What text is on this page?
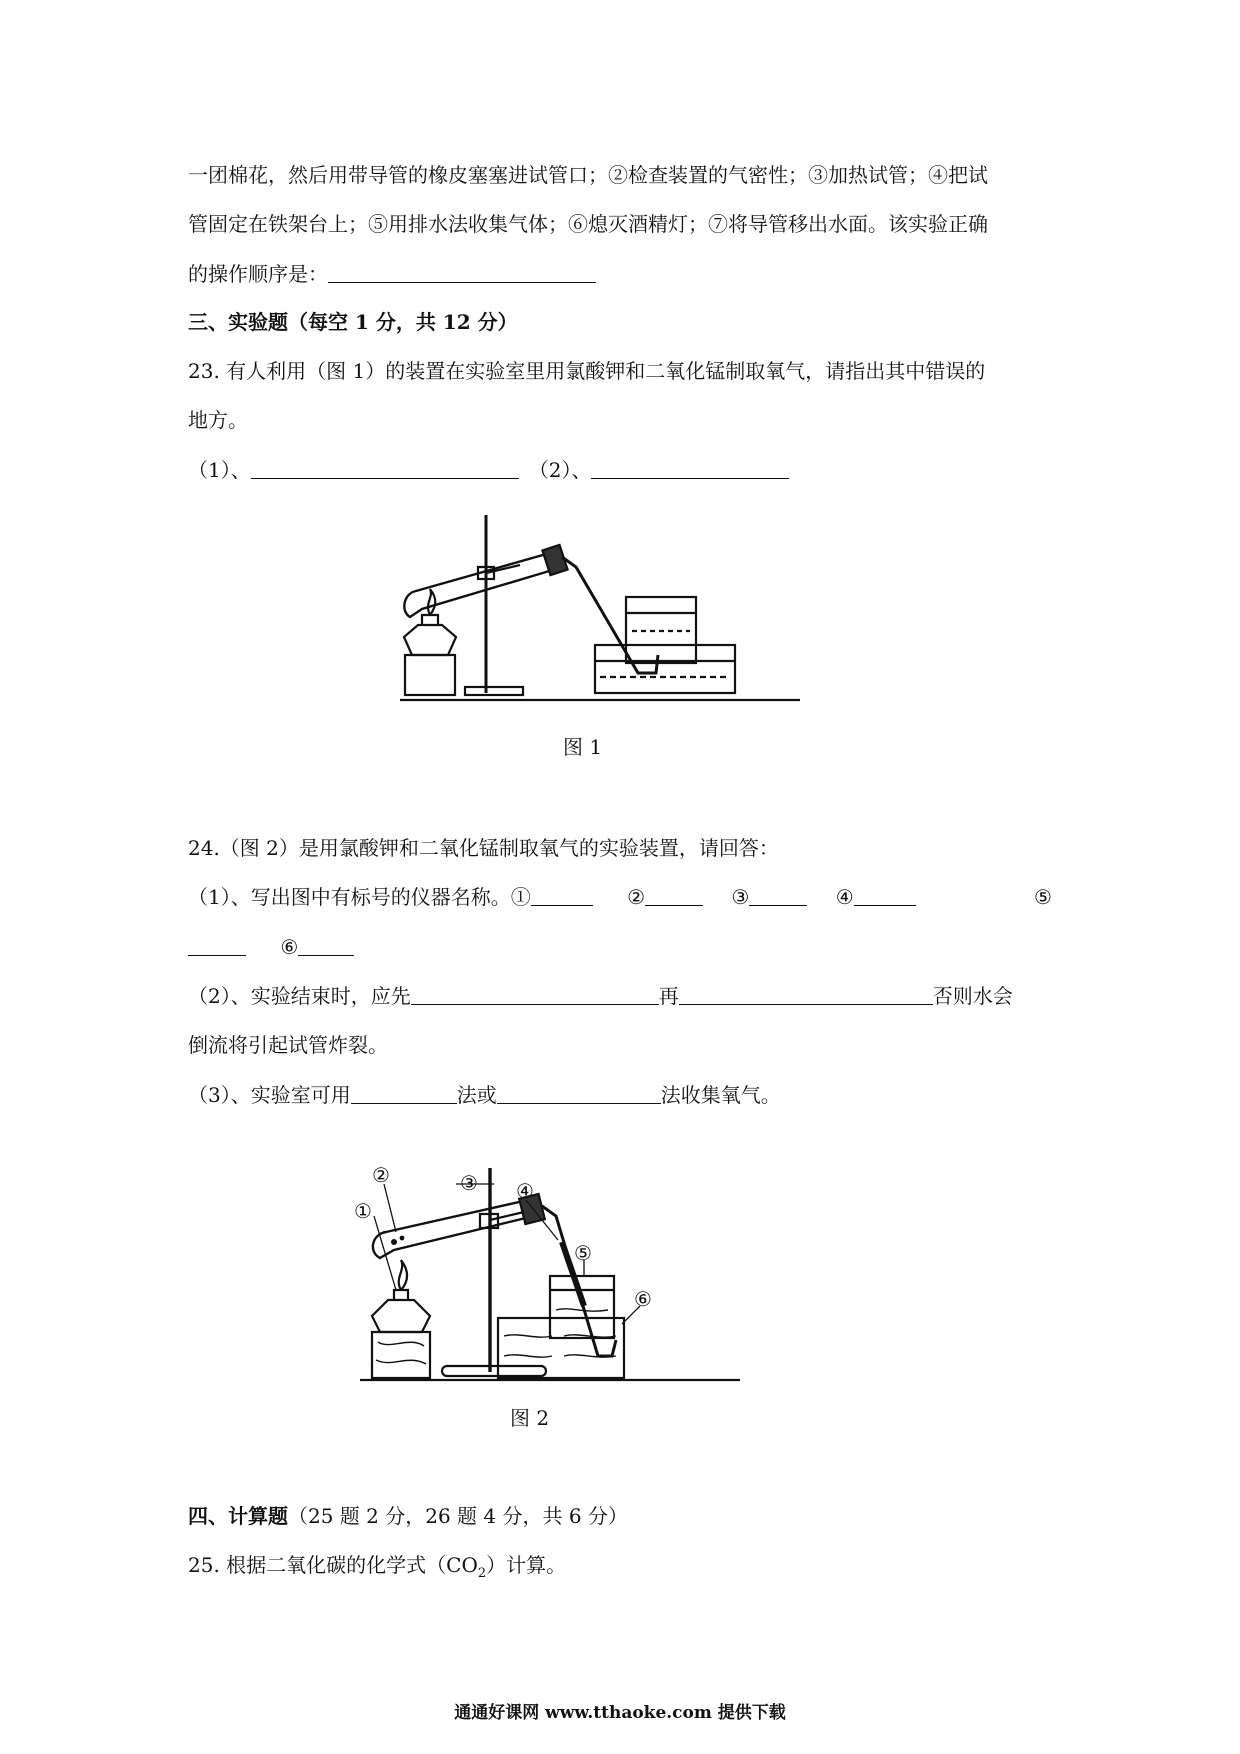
一团棉花，然后用带导管的橡皮塞塞进试管口；②检查装置的气密性；③加热试管；④把试
管固定在铁架台上；⑤用排水法收集气体；⑥熄灭酒精灯；⑦将导管移出水面。该实验正确
的操作顺序是：
三、实验题（每空 1 分，共 12 分）
23. 有人利用（图 1）的装置在实验室里用氯酸钾和二氧化锰制取氧气，请指出其中错误的
地方。
（1）、	（2）、
图 1
24.（图 2）是用氯酸钾和二氧化锰制取氧气的实验装置，请回答：
（1）、写出图中有标号的仪器名称。①	②	③	④	⑤
⑥
（2）、实验结束时，应先	再	否则水会
倒流将引起试管炸裂。
（3）、实验室可用	法或	法收集氧气。
①
②	③ ④
⑤
⑥
图 2
四、计算题（25 题 2 分，26 题 4 分，共 6 分）
25. 根据二氧化碳的化学式$(CO_2)$计算。
通通好课网 www.tthaoke.com 提供下载
